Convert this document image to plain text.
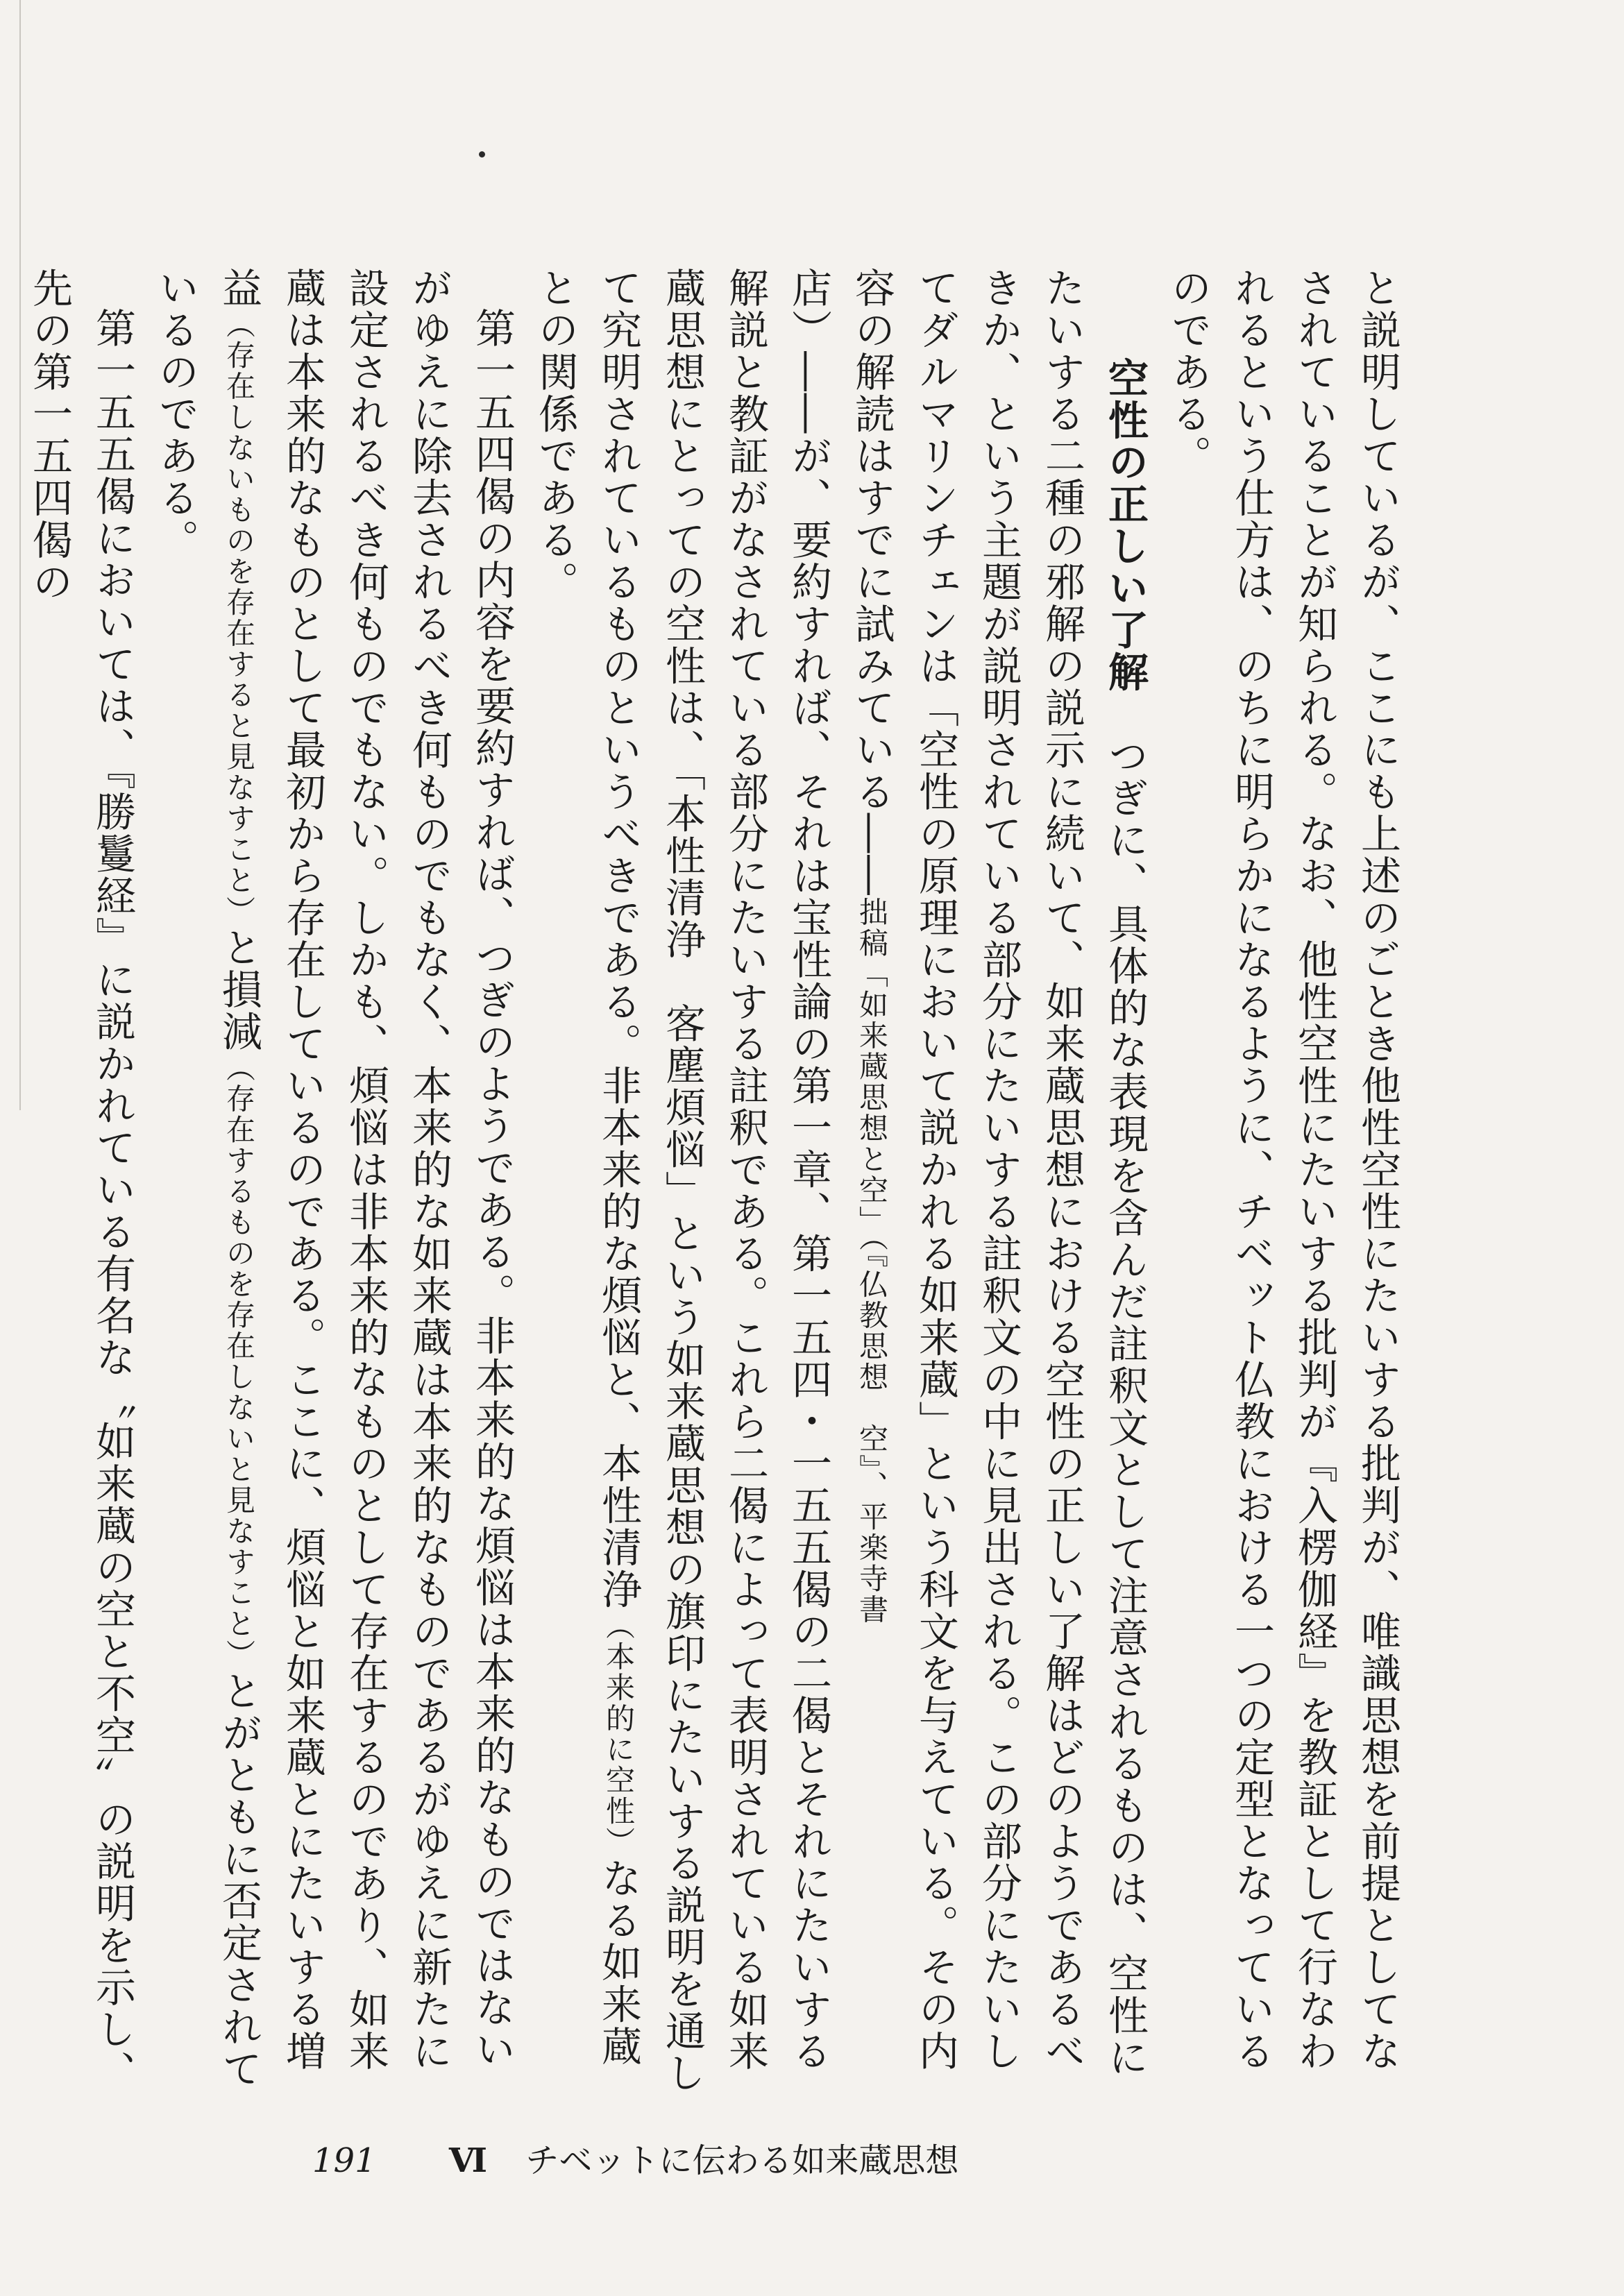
と説明しているが、ここにも上述のごとき他性空性にたいする批判が、唯識思想を前提としてなされていることが知られる。なお、他性空性にたいする批判が『入楞伽経』を教証として行なわれるという仕方は、のちに明らかになるように、チベット仏教における一つの定型となっているのである。

空性の正しい了解　つぎに、具体的な表現を含んだ註釈文として注意されるものは、空性にたいする二種の邪解の説示に続いて、如来蔵思想における空性の正しい了解はどのようであるべきか、という主題が説明されている部分にたいする註釈文の中に見出される。この部分にたいしてダルマリンチェンは「空性の原理において説かれる如来蔵」という科文を与えている。その内容の解読はすでに試みている――拙稿「如来蔵思想と空」（『仏教思想　空』、平楽寺書

店）――が、要約すれば、それは宝性論の第一章、第一五四・一五五偈の二偈とそれにたいする解説と教証がなされている部分にたいする註釈である。これら二偈によって表明されている如来蔵思想にとっての空性は、「本性清浄　客塵煩悩」という如来蔵思想の旗印にたいする説明を通して究明されているものというべきである。非本来的な煩悩と、本性清浄（本来的に空性）なる如来蔵との関係である。

第一五四偈の内容を要約すれば、つぎのようである。非本来的な煩悩は本来的なものではないがゆえに除去されるべき何ものでもなく、本来的な如来蔵は本来的なものであるがゆえに新たに設定されるべき何ものでもない。しかも、煩悩は非本来的なものとして存在するのであり、如来蔵は本来的なものとして最初から存在しているのである。ここに、煩悩と如来蔵とにたいする増益（存在しないものを存在すると見なすこと）と損減（存在するものを存在しないと見なすこと）とがともに否定されているのである。

第一五五偈においては、『勝鬘経』に説かれている有名な〝如来蔵の空と不空〟の説明を示し、先の第一五四偈の

191 Ⅵ チベットに伝わる如来蔵思想
